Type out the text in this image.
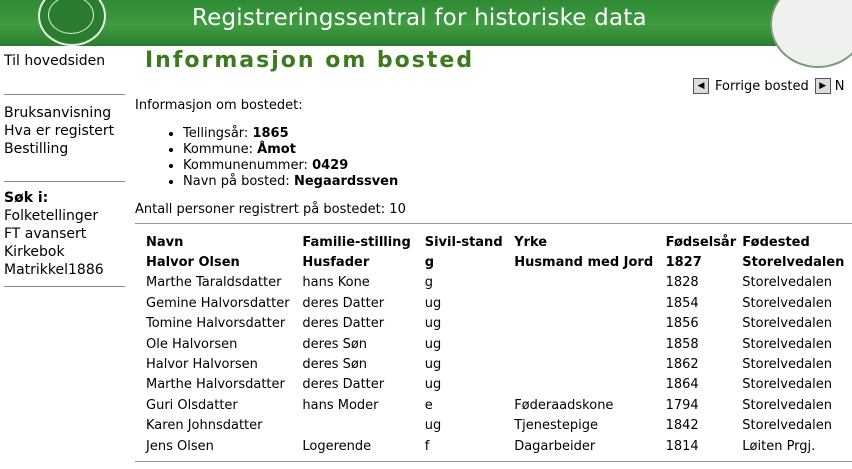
Registreringssentral for historiske data
Til hovedsiden
Bruksanvisning
Hva er registert
Bestilling
Søk i:
Folketellinger
FT avansert
Kirkebok
Matrikkel1886
Informasjon om bosted
◀ Forrige bosted	▶ N
Informasjon om bostedet:
• Tellingsår: 1865
• Kommune: Åmot
• Kommunenummer: 0429
• Navn på bosted: Negaardssven
Antall personer registrert på bostedet: 10
Navn	Familie-stilling	Sivil-stand	Yrke	Fødselsår	Fødested
Halvor Olsen	Husfader	g	Husmand med Jord	1827	Storelvedalen
Marthe Taraldsdatter	hans Kone	g		1828	Storelvedalen
Gemine Halvorsdatter	deres Datter	ug		1854	Storelvedalen
Tomine Halvorsdatter	deres Datter	ug		1856	Storelvedalen
Ole Halvorsen	deres Søn	ug		1858	Storelvedalen
Halvor Halvorsen	deres Søn	ug		1862	Storelvedalen
Marthe Halvorsdatter	deres Datter	ug		1864	Storelvedalen
Guri Olsdatter	hans Moder	e	Føderaadskone	1794	Storelvedalen
Karen Johnsdatter		ug	Tjenestepige	1842	Storelvedalen
Jens Olsen	Logerende	f	Dagarbeider	1814	Løiten Prgj.
